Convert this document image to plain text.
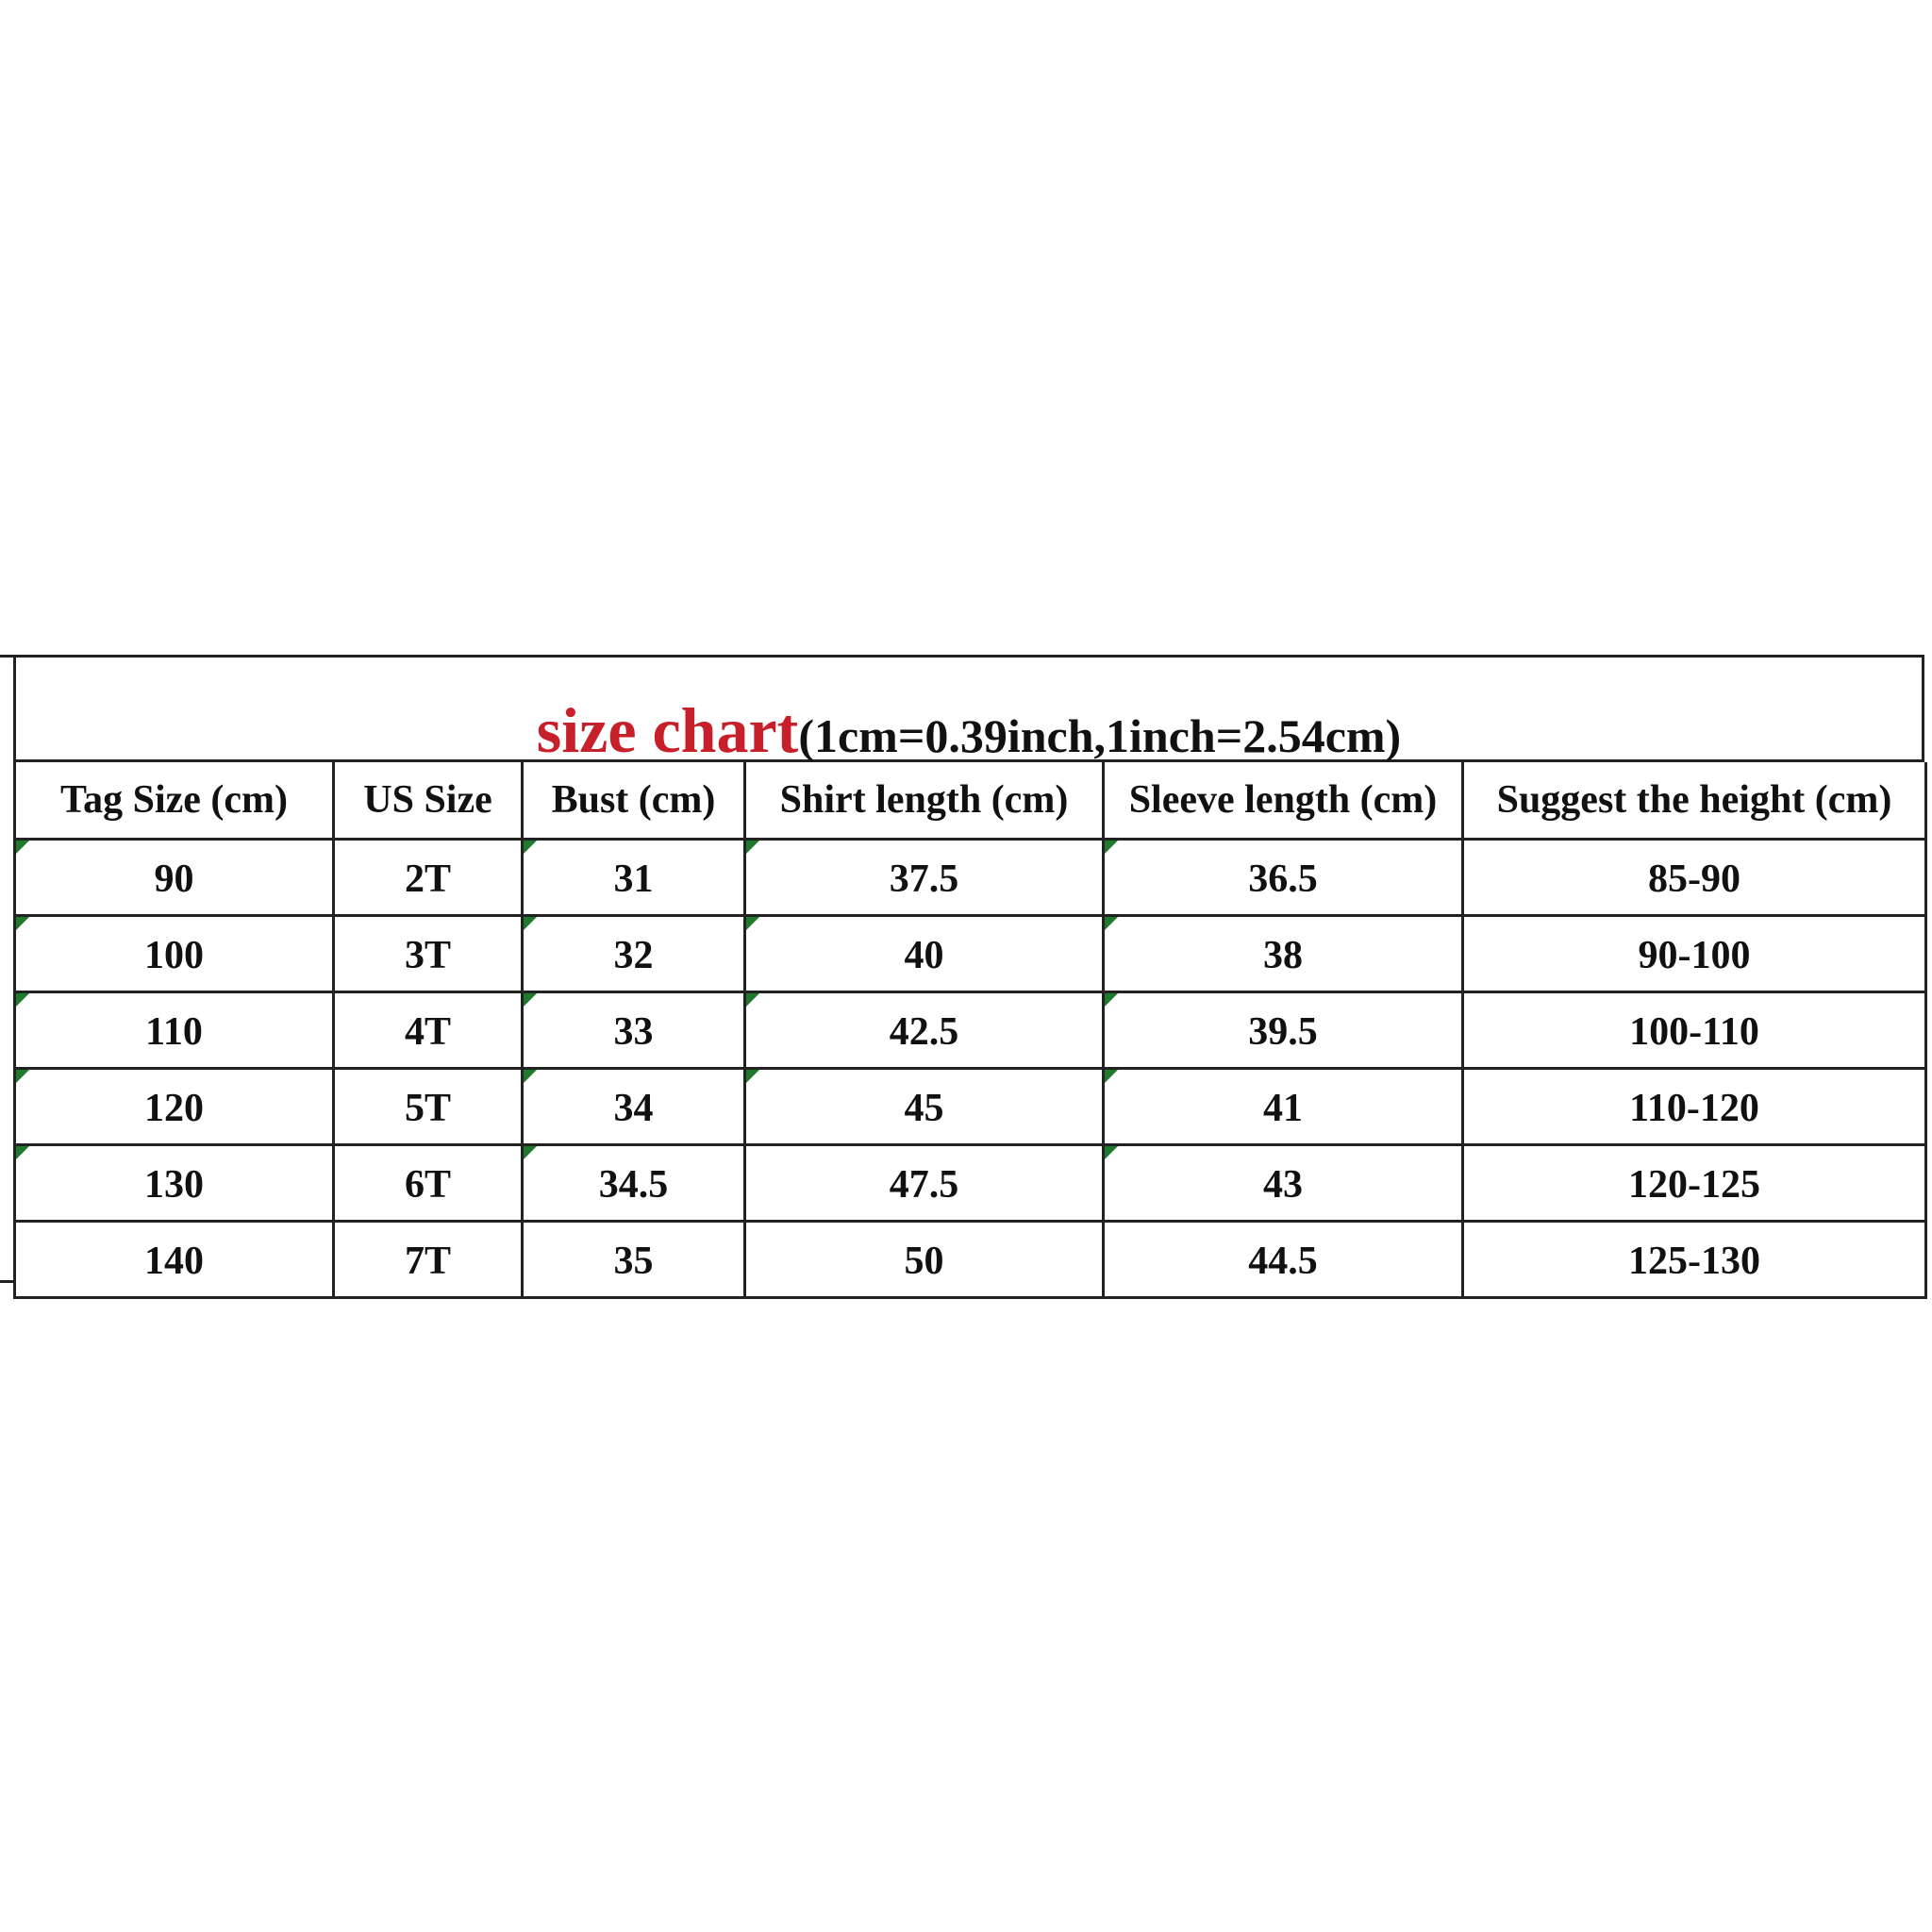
size chart(1cm=0.39inch,1inch=2.54cm)
Tag Size (cm)	US Size	Bust (cm)	Shirt length (cm)	Sleeve length (cm)	Suggest the height (cm)

90	2T	31	37.5	36.5	85-90

100	3T	32	40	38	90-100

110	4T	33	42.5	39.5	100-110

120	5T	34	45	41	110-120

130	6T	34.5	47.5	43	120-125
140	7T	35	50	44.5	125-130
